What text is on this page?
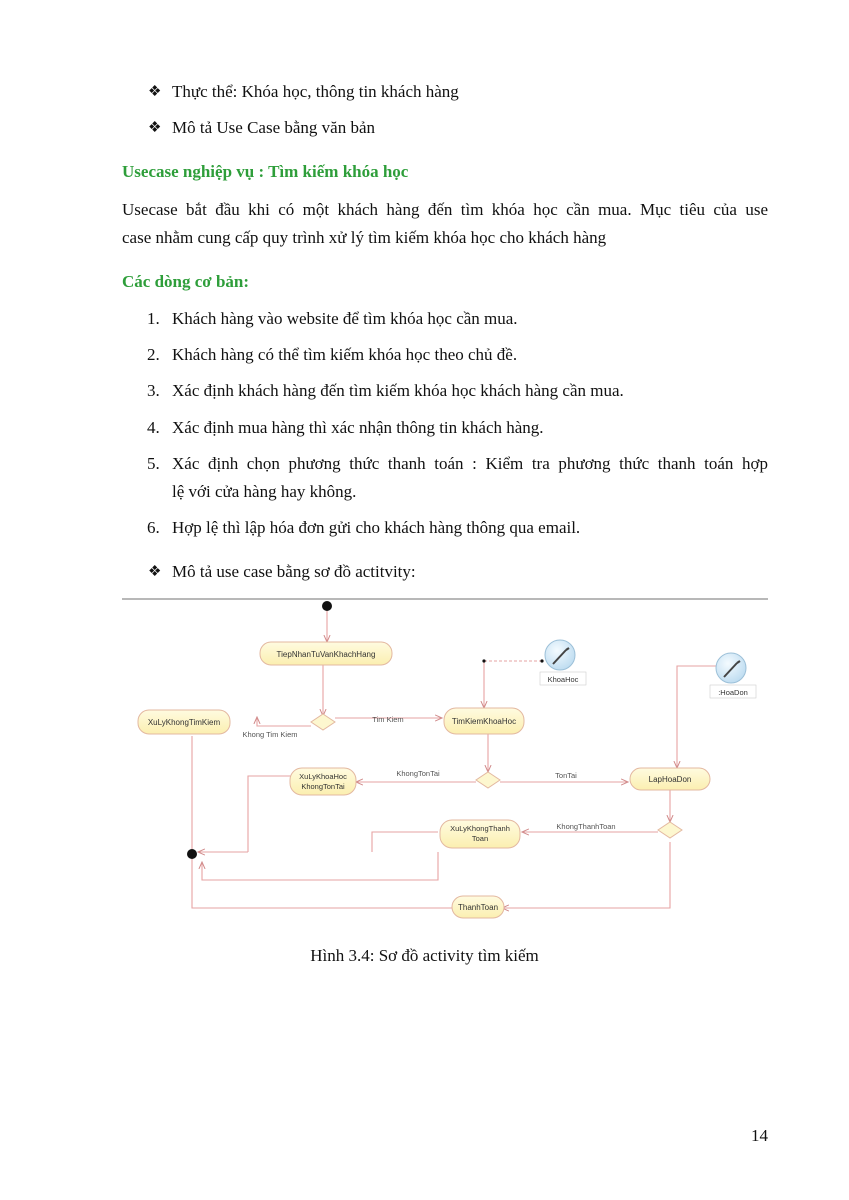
❖ Thực thể: Khóa học, thông tin khách hàng
❖ Mô tả Use Case bằng văn bản
Usecase nghiệp vụ : Tìm kiếm khóa học
Usecase bắt đầu khi có một khách hàng đến tìm khóa học cần mua. Mục tiêu của use
case nhằm cung cấp quy trình xử lý tìm kiếm khóa học cho khách hàng
Các dòng cơ bản:
1. Khách hàng vào website để tìm khóa học cần mua.
2. Khách hàng có thể tìm kiếm khóa học theo chủ đề.
3. Xác định khách hàng đến tìm kiếm khóa học khách hàng cần mua.
4. Xác định mua hàng thì xác nhận thông tin khách hàng.
5. Xác định chọn phương thức thanh toán : Kiểm tra phương thức thanh toán hợp
lệ với cửa hàng hay không.
6. Hợp lệ thì lập hóa đơn gửi cho khách hàng thông qua email.
❖ Mô tả use case bằng sơ đồ actitvity:
TiepNhanTuVanKhachHang
XuLyKhongTimKiem	TimKiemKhoaHoc
XuLyKhoaHoc
KhongTonTai
LapHoaDon
XuLyKhongThanh
Toan
ThanhToan
KhoaHoc
:HoaDon
Tim Kiem
Khong Tim Kiem
KhongTonTai	TonTai
KhongThanhToan
Hình 3.4: Sơ đồ activity tìm kiếm
14
